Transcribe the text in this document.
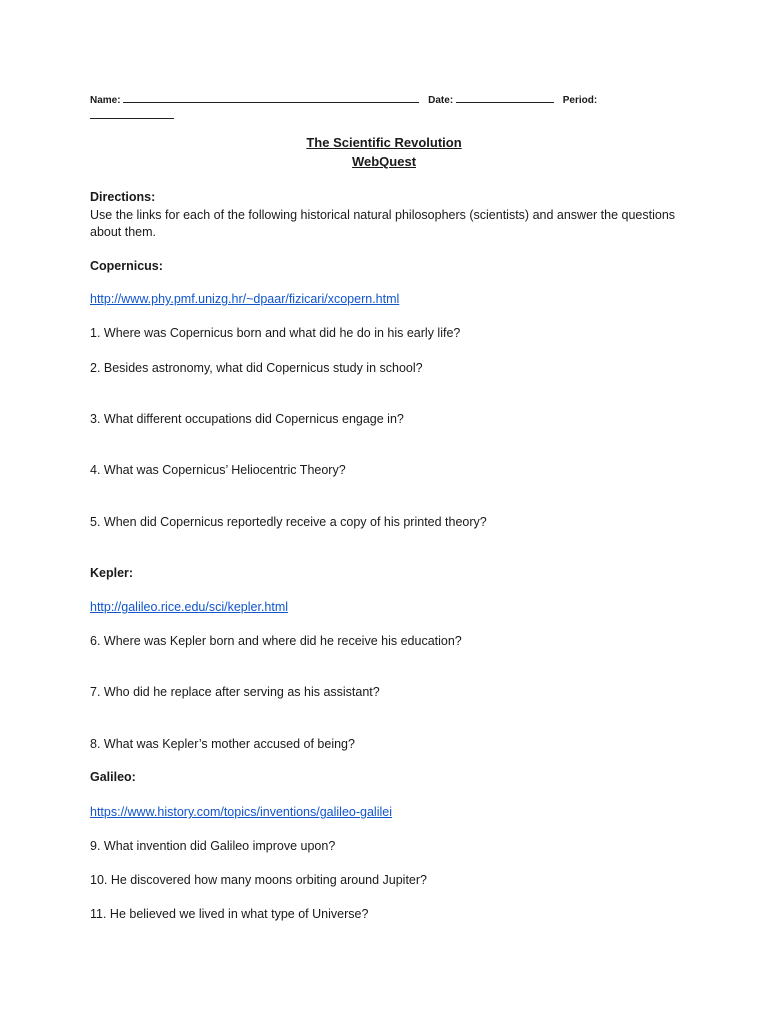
Name:	Date:	Period:
The Scientific Revolution
WebQuest
Directions:
Use the links for each of the following historical natural philosophers (scientists) and answer the questions
about them.
Copernicus:
http://www.phy.pmf.unizg.hr/~dpaar/fizicari/xcopern.html
1. Where was Copernicus born and what did he do in his early life?
2. Besides astronomy, what did Copernicus study in school?
3. What different occupations did Copernicus engage in?
4. What was Copernicus’ Heliocentric Theory?
5. When did Copernicus reportedly receive a copy of his printed theory?
Kepler:
http://galileo.rice.edu/sci/kepler.html
6. Where was Kepler born and where did he receive his education?
7. Who did he replace after serving as his assistant?
8. What was Kepler’s mother accused of being?
Galileo:
https://www.history.com/topics/inventions/galileo-galilei
9. What invention did Galileo improve upon?
10. He discovered how many moons orbiting around Jupiter?
11. He believed we lived in what type of Universe?
